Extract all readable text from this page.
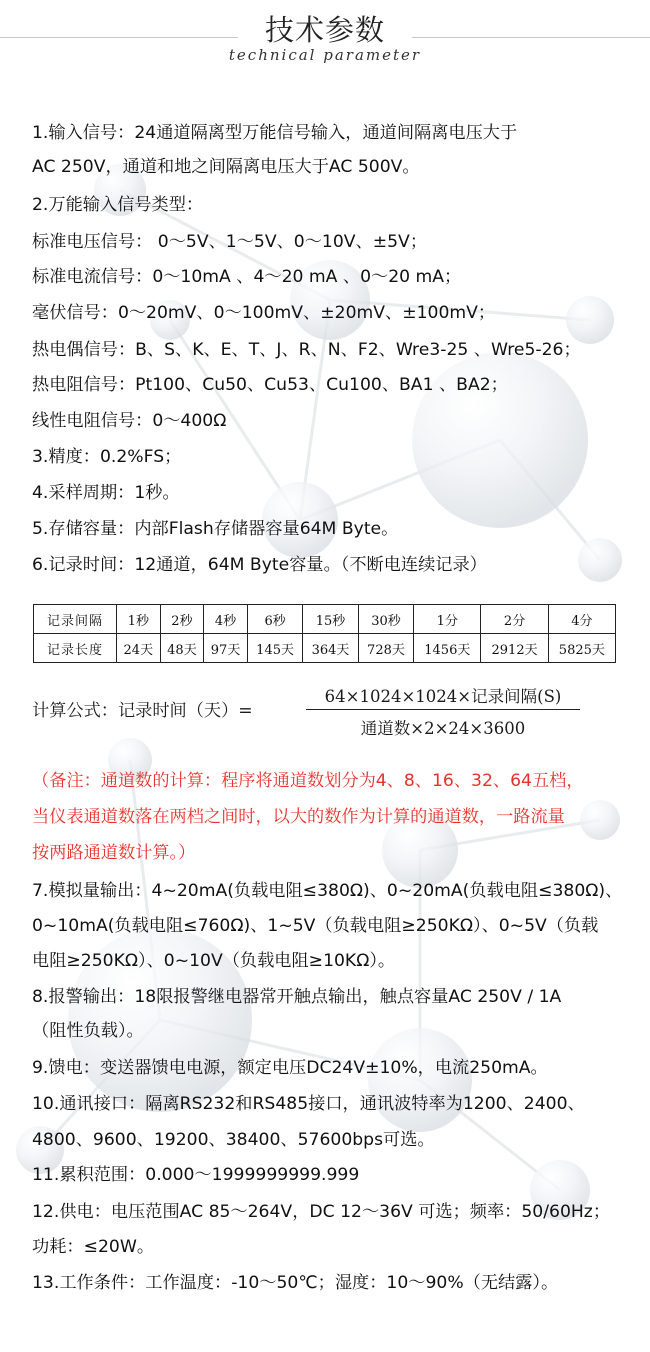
技术参数
technical parameter
1.输入信号：24通道隔离型万能信号输入，通道间隔离电压大于
AC 250V，通道和地之间隔离电压大于AC 500V。
2.万能输入信号类型：
标准电压信号： 0～5V、1～5V、0～10V、±5V；
标准电流信号：0～10mA 、4～20 mA 、0～20 mA；
毫伏信号：0～20mV、0～100mV、±20mV、±100mV；
热电偶信号：B、S、K、E、T、J、R、N、F2、Wre3-25 、Wre5-26；
热电阻信号：Pt100、Cu50、Cu53、Cu100、BA1 、BA2；
线性电阻信号：0～400Ω
3.精度：0.2%FS；
4.采样周期：1秒。
5.存储容量：内部Flash存储器容量64M Byte。
6.记录时间：12通道，64M Byte容量。（不断电连续记录）
记录间隔	1秒	2秒	4秒	6秒	15秒	30秒	1分	2分	4分
记录长度	24天	48天	97天	145天	364天	728天	1456天	2912天	5825天
计算公式：记录时间（天）=
64×1024×1024×记录间隔(S)
通道数×2×24×3600
（备注：通道数的计算：程序将通道数划分为4、8、16、32、64五档，
当仪表通道数落在两档之间时，以大的数作为计算的通道数，一路流量
按两路通道数计算。）
7.模拟量输出：4~20mA(负载电阻≤380Ω)、0~20mA(负载电阻≤380Ω)、
0~10mA(负载电阻≤760Ω)、1~5V（负载电阻≥250KΩ）、0~5V（负载
电阻≥250KΩ）、0~10V（负载电阻≥10KΩ）。
8.报警输出：18限报警继电器常开触点输出，触点容量AC 250V / 1A
（阻性负载）。
9.馈电：变送器馈电电源，额定电压DC24V±10%，电流250mA。
10.通讯接口：隔离RS232和RS485接口，通讯波特率为1200、2400、
4800、9600、19200、38400、57600bps可选。
11.累积范围：0.000～1999999999.999
12.供电：电压范围AC 85～264V，DC 12～36V 可选；频率：50/60Hz；
功耗：≤20W。
13.工作条件：工作温度：-10～50℃；湿度：10～90%（无结露）。
